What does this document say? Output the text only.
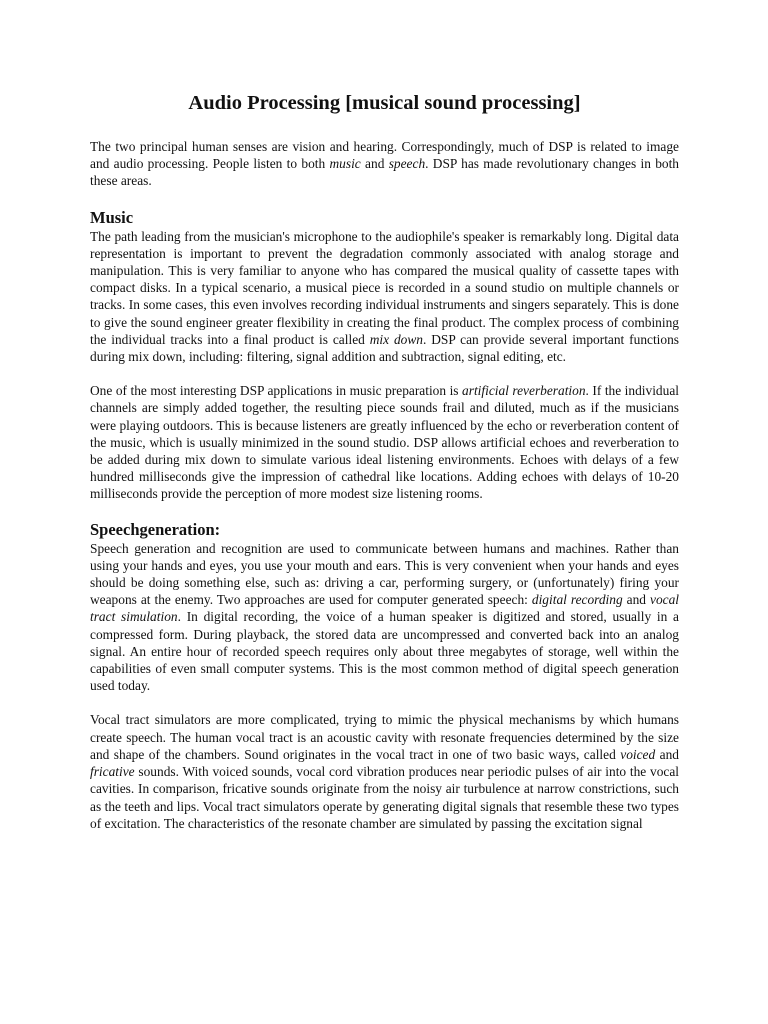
Audio Processing [musical sound processing]

The two principal human senses are vision and hearing. Correspondingly, much of DSP is related to image and audio processing. People listen to both music and speech. DSP has made revolutionary changes in both these areas.

Music

The path leading from the musician's microphone to the audiophile's speaker is remarkably long. Digital data representation is important to prevent the degradation commonly associated with analog storage and manipulation. This is very familiar to anyone who has compared the musical quality of cassette tapes with compact disks. In a typical scenario, a musical piece is recorded in a sound studio on multiple channels or tracks. In some cases, this even involves recording individual instruments and singers separately. This is done to give the sound engineer greater flexibility in creating the final product. The complex process of combining the individual tracks into a final product is called mix down. DSP can provide several important functions during mix down, including: filtering, signal addition and subtraction, signal editing, etc.

One of the most interesting DSP applications in music preparation is artificial reverberation. If the individual channels are simply added together, the resulting piece sounds frail and diluted, much as if the musicians were playing outdoors. This is because listeners are greatly influenced by the echo or reverberation content of the music, which is usually minimized in the sound studio. DSP allows artificial echoes and reverberation to be added during mix down to simulate various ideal listening environments. Echoes with delays of a few hundred milliseconds give the impression of cathedral like locations. Adding echoes with delays of 10-20 milliseconds provide the perception of more modest size listening rooms.

Speechgeneration:

Speech generation and recognition are used to communicate between humans and machines. Rather than using your hands and eyes, you use your mouth and ears. This is very convenient when your hands and eyes should be doing something else, such as: driving a car, performing surgery, or (unfortunately) firing your weapons at the enemy. Two approaches are used for computer generated speech: digital recording and vocal tract simulation. In digital recording, the voice of a human speaker is digitized and stored, usually in a compressed form. During playback, the stored data are uncompressed and converted back into an analog signal. An entire hour of recorded speech requires only about three megabytes of storage, well within the capabilities of even small computer systems. This is the most common method of digital speech generation used today.

Vocal tract simulators are more complicated, trying to mimic the physical mechanisms by which humans create speech. The human vocal tract is an acoustic cavity with resonate frequencies determined by the size and shape of the chambers. Sound originates in the vocal tract in one of two basic ways, called voiced and fricative sounds. With voiced sounds, vocal cord vibration produces near periodic pulses of air into the vocal cavities. In comparison, fricative sounds originate from the noisy air turbulence at narrow constrictions, such as the teeth and lips. Vocal tract simulators operate by generating digital signals that resemble these two types of excitation. The characteristics of the resonate chamber are simulated by passing the excitation signal
